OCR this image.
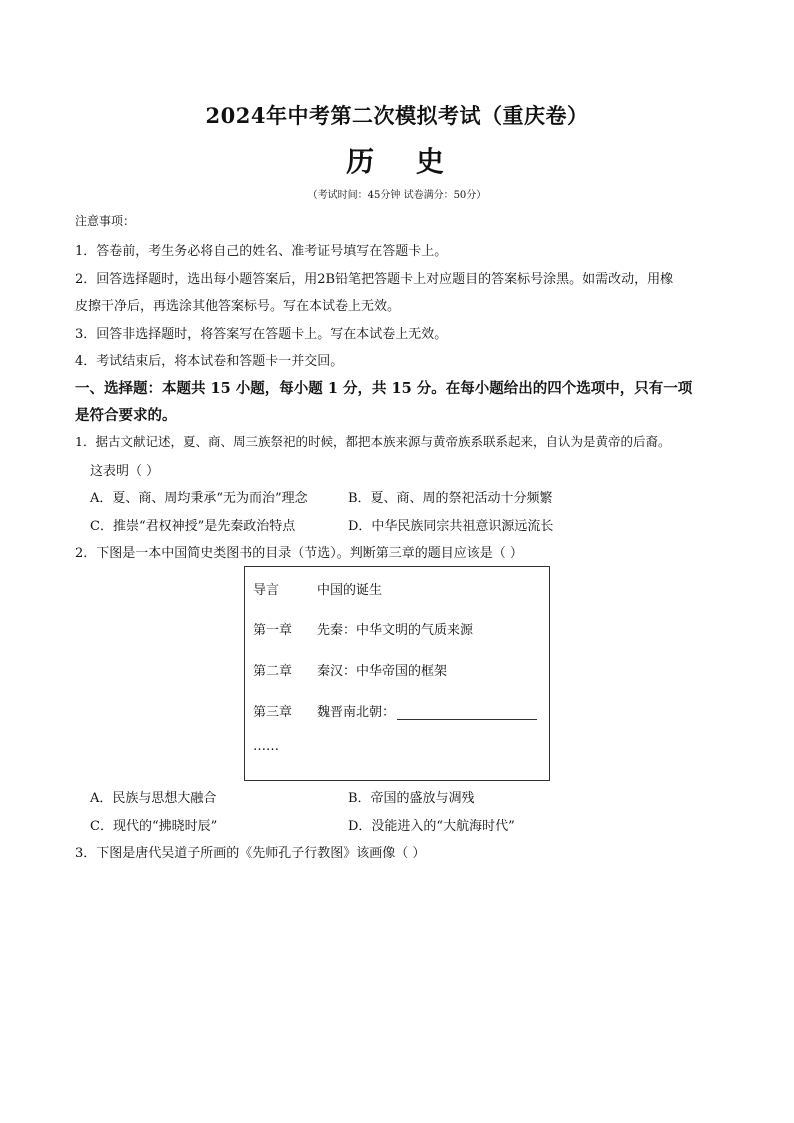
2024年中考第二次模拟考试（重庆卷）
历 史
（考试时间：45分钟 试卷满分：50分）
注意事项：
1．答卷前，考生务必将自己的姓名、准考证号填写在答题卡上。
2．回答选择题时，选出每小题答案后，用2B铅笔把答题卡上对应题目的答案标号涂黑。如需改动，用橡
皮擦干净后，再选涂其他答案标号。写在本试卷上无效。
3．回答非选择题时，将答案写在答题卡上。写在本试卷上无效。
4．考试结束后，将本试卷和答题卡一并交回。
一、选择题：本题共 15 小题，每小题 1 分，共 15 分。在每小题给出的四个选项中，只有一项
是符合要求的。
1．据古文献记述，夏、商、周三族祭祀的时候，都把本族来源与黄帝族系联系起来，自认为是黄帝的后裔。
这表明（ ）
A．夏、商、周均秉承“无为而治”理念	B．夏、商、周的祭祀活动十分频繁
C．推崇“君权神授”是先秦政治特点	D．中华民族同宗共祖意识源远流长
2．下图是一本中国简史类图书的目录（节选）。判断第三章的题目应该是（ ）
导言	中国的诞生
第一章 先秦：中华文明的气质来源
第二章 秦汉：中华帝国的框架
第三章 魏晋南北朝：
……
A．民族与思想大融合	B．帝国的盛放与凋残
C．现代的“拂晓时辰”	D．没能进入的“大航海时代”
3．下图是唐代吴道子所画的《先师孔子行教图》该画像（ ）
